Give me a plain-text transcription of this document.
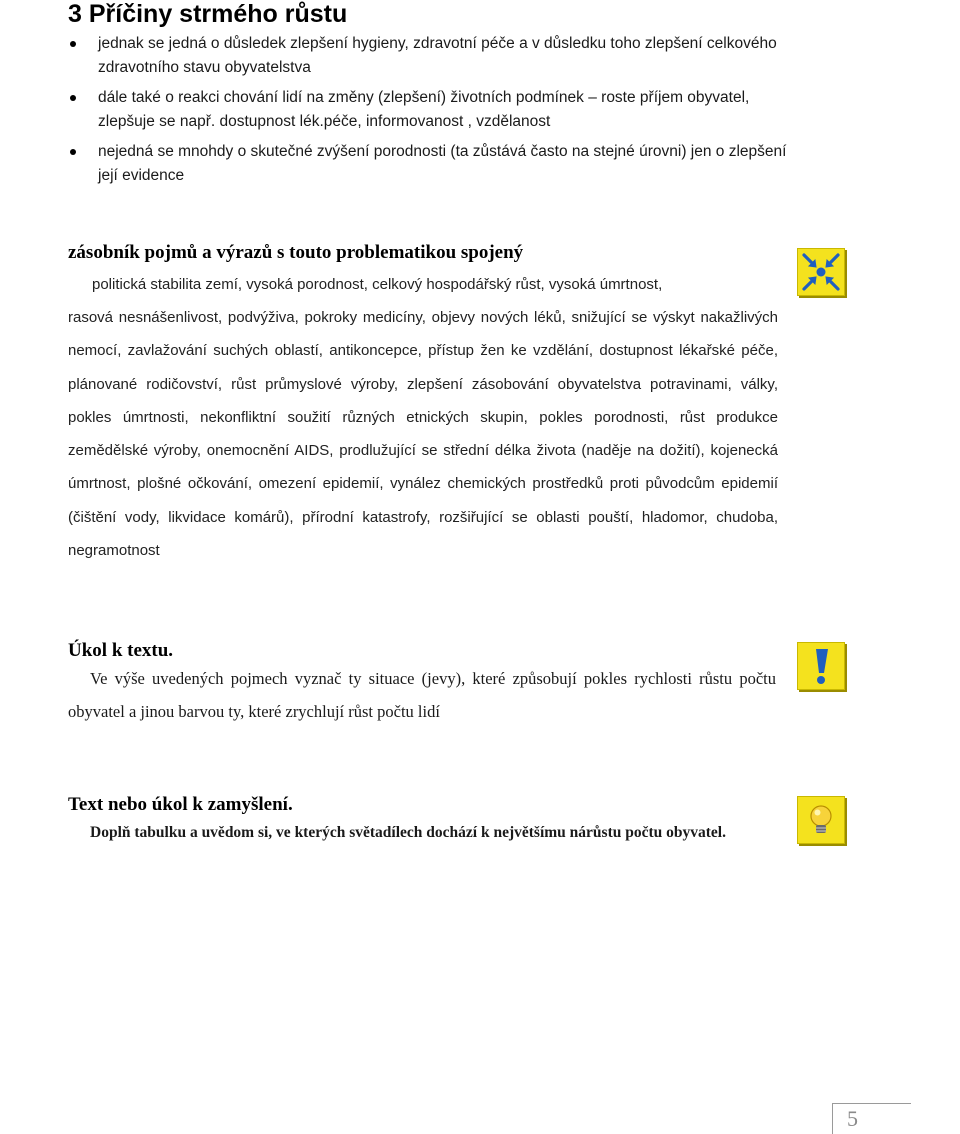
3 Příčiny strmého růstu
jednak se jedná o důsledek zlepšení hygieny, zdravotní péče a v důsledku toho zlepšení celkového zdravotního stavu obyvatelstva
dále také o reakci chování lidí na změny (zlepšení) životních podmínek – roste příjem obyvatel, zlepšuje se např. dostupnost lék.péče, informovanost , vzdělanost
nejedná se mnohdy o skutečné zvýšení porodnosti (ta zůstává často na stejné úrovni) jen o zlepšení její evidence
zásobník pojmů a výrazů s touto problematikou spojený
politická stabilita zemí, vysoká porodnost, celkový hospodářský růst, vysoká úmrtnost,
rasová nesnášenlivost, podvýživa, pokroky medicíny, objevy nových léků, snižující se výskyt nakažlivých nemocí, zavlažování suchých oblastí, antikoncepce, přístup žen ke vzdělání, dostupnost lékařské péče, plánované rodičovství, růst průmyslové výroby, zlepšení zásobování obyvatelstva potravinami, války, pokles úmrtnosti, nekonfliktní soužití různých etnických skupin, pokles porodnosti, růst produkce zemědělské výroby, onemocnění AIDS, prodlužující se střední délka života (naděje na dožití), kojenecká úmrtnost, plošné očkování, omezení epidemií, vynález chemických prostředků proti původcům epidemií (čištění vody, likvidace komárů), přírodní katastrofy, rozšiřující se oblasti pouští, hladomor, chudoba, negramotnost
Úkol k textu.
Ve výše uvedených pojmech vyznač ty situace (jevy), které způsobují pokles rychlosti růstu počtu obyvatel a jinou barvou ty, které zrychlují růst počtu lidí
Text nebo úkol k zamyšlení.
Doplň tabulku a uvědom si, ve kterých světadílech dochází k největšímu nárůstu počtu obyvatel.
5
